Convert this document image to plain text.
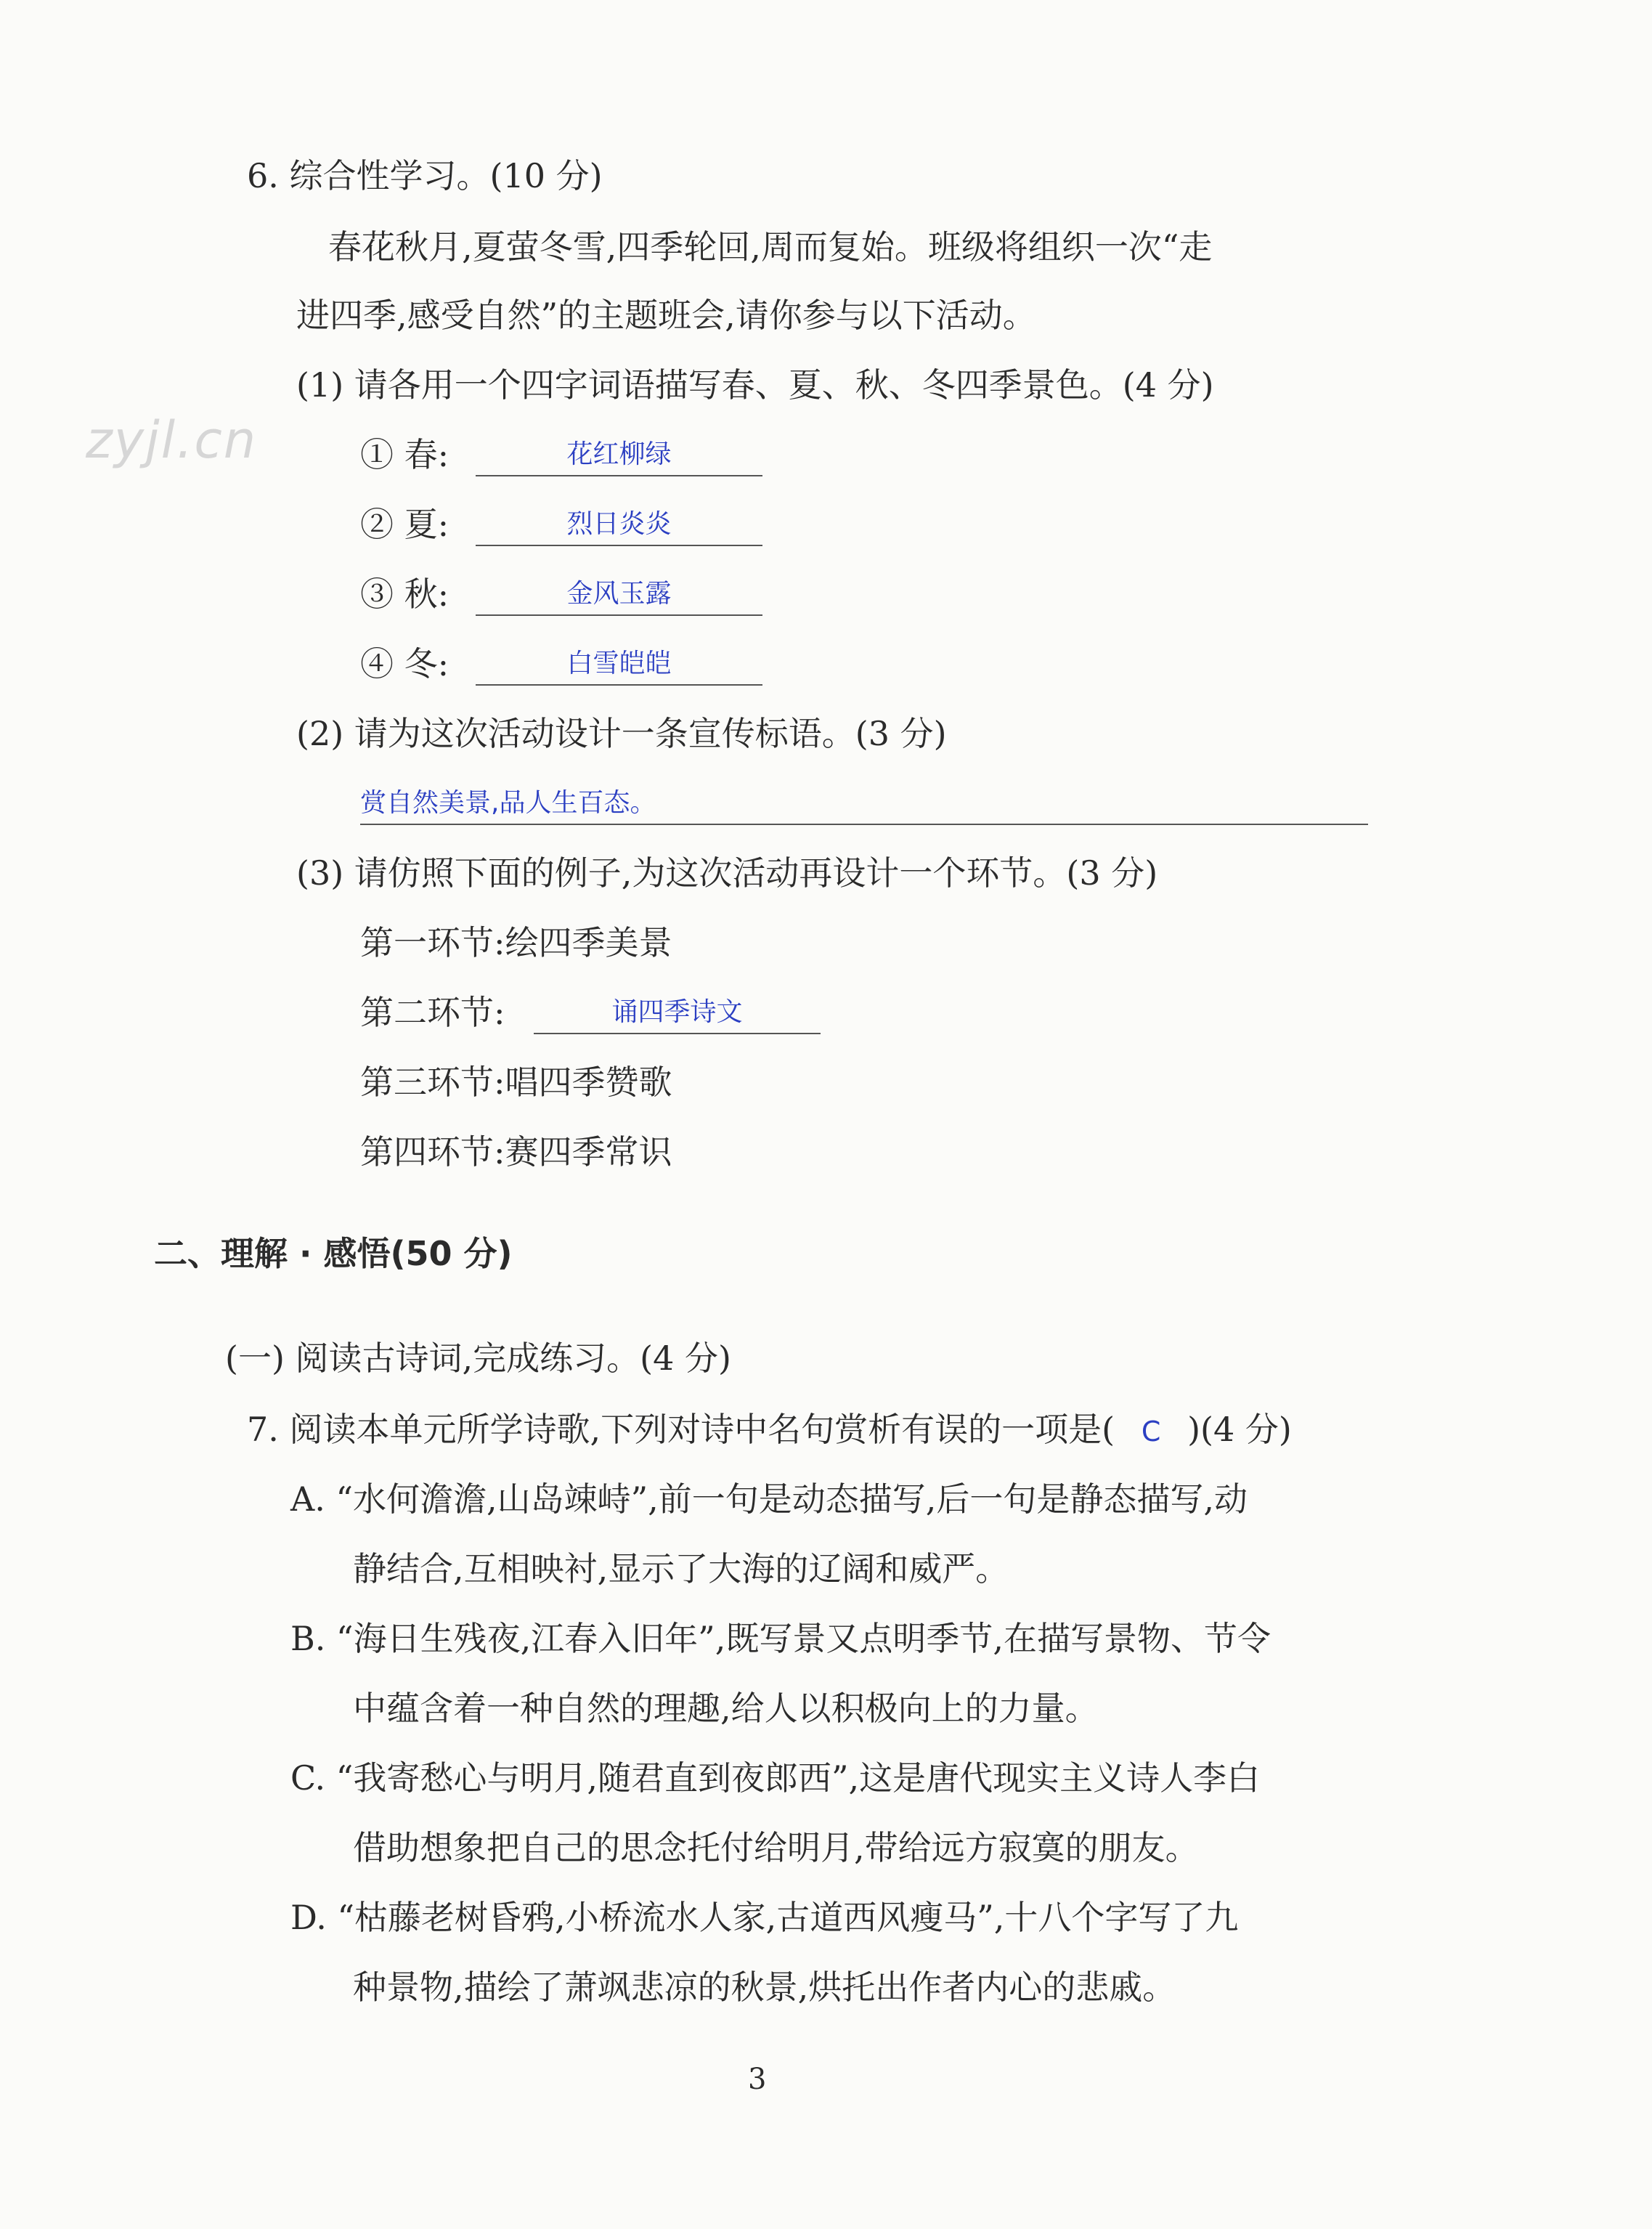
zyjl.cn
6. 综合性学习。(10 分)
春花秋月,夏萤冬雪,四季轮回,周而复始。班级将组织一次“走
进四季,感受自然”的主题班会,请你参与以下活动。
(1) 请各用一个四字词语描写春、夏、秋、冬四季景色。(4 分)
① 春:	花红柳绿
② 夏:	烈日炎炎
③ 秋:	金风玉露
④ 冬:	白雪皑皑
(2) 请为这次活动设计一条宣传标语。(3 分)
赏自然美景,品人生百态。
(3) 请仿照下面的例子,为这次活动再设计一个环节。(3 分)
第一环节:绘四季美景
第二环节:	诵四季诗文
第三环节:唱四季赞歌
第四环节:赛四季常识
二、理解 · 感悟(50 分)
(一) 阅读古诗词,完成练习。(4 分)
7. 阅读本单元所学诗歌,下列对诗中名句赏析有误的一项是( C )(4 分)
A. “水何澹澹,山岛竦峙”,前一句是动态描写,后一句是静态描写,动
静结合,互相映衬,显示了大海的辽阔和威严。
B. “海日生残夜,江春入旧年”,既写景又点明季节,在描写景物、节令
中蕴含着一种自然的理趣,给人以积极向上的力量。
C. “我寄愁心与明月,随君直到夜郎西”,这是唐代现实主义诗人李白
借助想象把自己的思念托付给明月,带给远方寂寞的朋友。
D. “枯藤老树昏鸦,小桥流水人家,古道西风瘦马”,十八个字写了九
种景物,描绘了萧飒悲凉的秋景,烘托出作者内心的悲戚。
3
